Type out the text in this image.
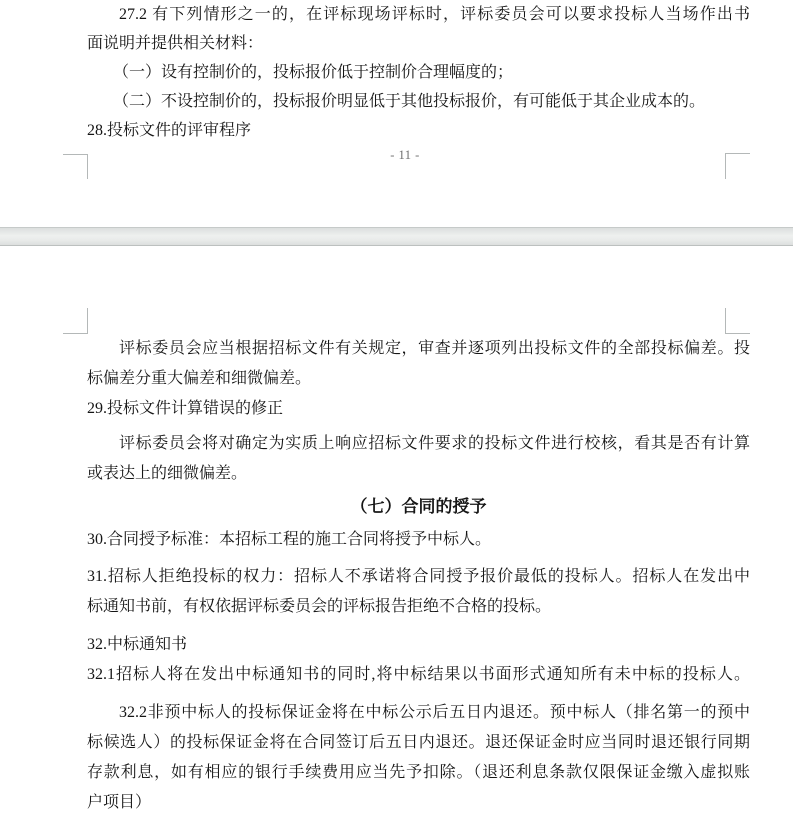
27.2 有下列情形之一的，在评标现场评标时，评标委员会可以要求投标人当场作出书
面说明并提供相关材料：
（一）设有控制价的，投标报价低于控制价合理幅度的；
（二）不设控制价的，投标报价明显低于其他投标报价，有可能低于其企业成本的。
28.投标文件的评审程序
- 11 -
评标委员会应当根据招标文件有关规定，审查并逐项列出投标文件的全部投标偏差。投
标偏差分重大偏差和细微偏差。
29.投标文件计算错误的修正
评标委员会将对确定为实质上响应招标文件要求的投标文件进行校核，看其是否有计算
或表达上的细微偏差。
（七）合同的授予
30.合同授予标准：本招标工程的施工合同将授予中标人。
31.招标人拒绝投标的权力：招标人不承诺将合同授予报价最低的投标人。招标人在发出中
标通知书前，有权依据评标委员会的评标报告拒绝不合格的投标。
32.中标通知书
32.1招标人将在发出中标通知书的同时,将中标结果以书面形式通知所有未中标的投标人。
32.2非预中标人的投标保证金将在中标公示后五日内退还。预中标人（排名第一的预中
标候选人）的投标保证金将在合同签订后五日内退还。退还保证金时应当同时退还银行同期
存款利息，如有相应的银行手续费用应当先予扣除。（退还利息条款仅限保证金缴入虚拟账
户项目）
